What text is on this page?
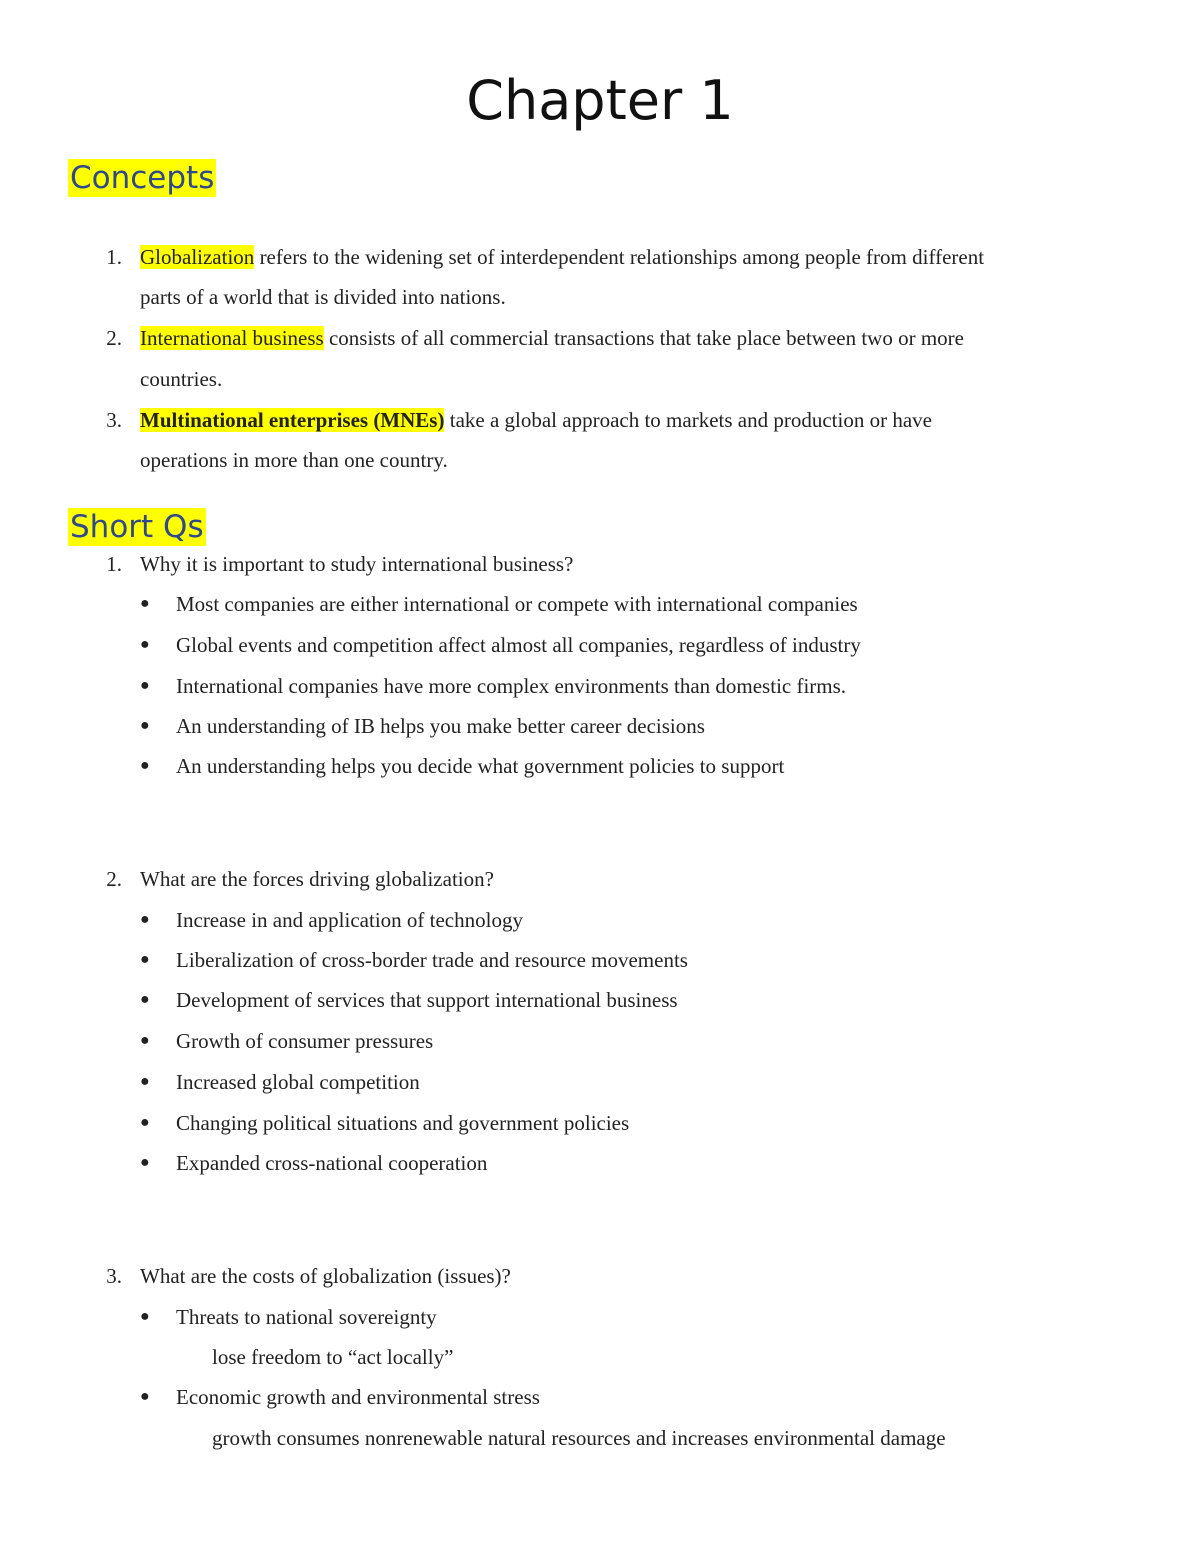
Chapter 1
Concepts
1. Globalization refers to the widening set of interdependent relationships among people from different
parts of a world that is divided into nations.
2. International business consists of all commercial transactions that take place between two or more
countries.
3. Multinational enterprises (MNEs) take a global approach to markets and production or have
operations in more than one country.
Short Qs
1. Why it is important to study international business?
● Most companies are either international or compete with international companies
● Global events and competition affect almost all companies, regardless of industry
● International companies have more complex environments than domestic firms.
● An understanding of IB helps you make better career decisions
● An understanding helps you decide what government policies to support
2. What are the forces driving globalization?
● Increase in and application of technology
● Liberalization of cross-border trade and resource movements
● Development of services that support international business
● Growth of consumer pressures
● Increased global competition
● Changing political situations and government policies
● Expanded cross-national cooperation
3. What are the costs of globalization (issues)?
● Threats to national sovereignty
lose freedom to “act locally”
● Economic growth and environmental stress
growth consumes nonrenewable natural resources and increases environmental damage
